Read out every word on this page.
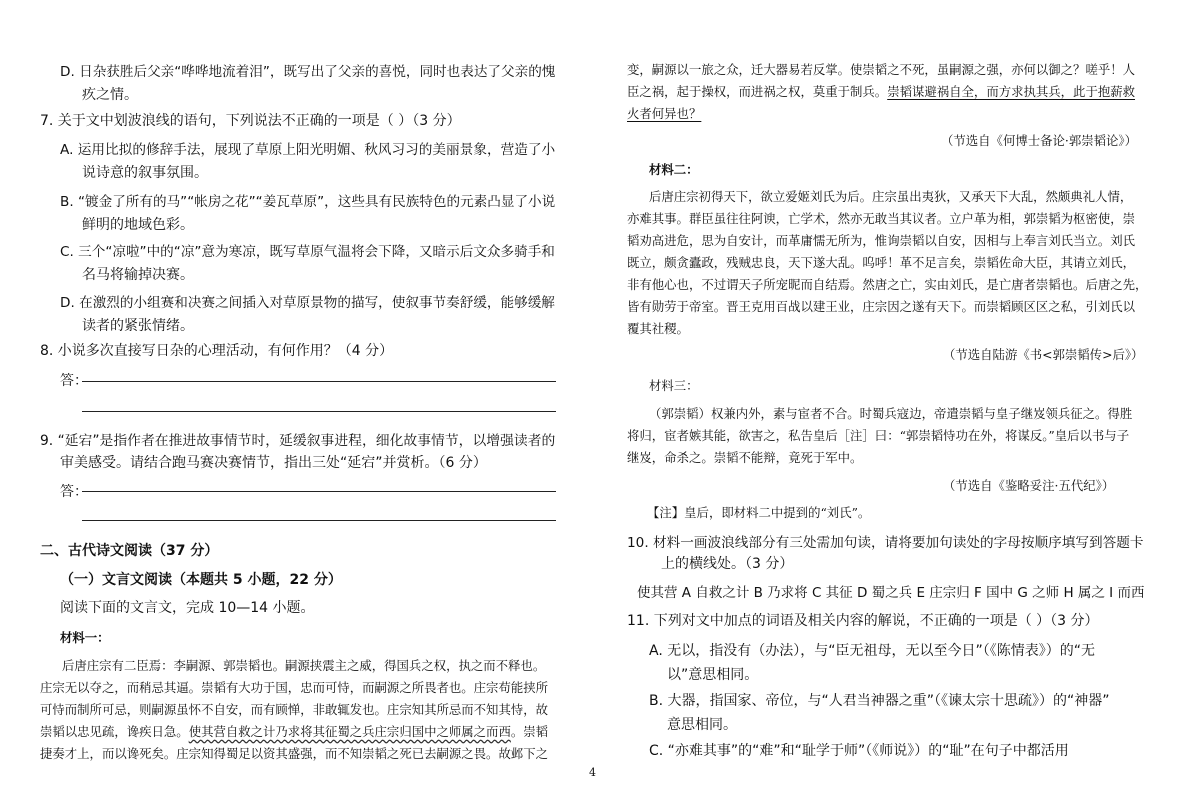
D. 日杂获胜后父亲“哗哗地流着泪”，既写出了父亲的喜悦，同时也表达了父亲的愧
疚之情。
7. 关于文中划波浪线的语句，下列说法不正确的一项是（ ）（3 分）
A. 运用比拟的修辞手法，展现了草原上阳光明媚、秋风习习的美丽景象，营造了小
说诗意的叙事氛围。
B. “镀金了所有的马”“帐房之花”“姜瓦草原”，这些具有民族特色的元素凸显了小说
鲜明的地域色彩。
C. 三个“凉啦”中的“凉”意为寒凉，既写草原气温将会下降，又暗示后文众多骑手和
名马将输掉决赛。
D. 在激烈的小组赛和决赛之间插入对草原景物的描写，使叙事节奏舒缓，能够缓解
读者的紧张情绪。
8. 小说多次直接写日杂的心理活动，有何作用？（4 分）
答：
9. “延宕”是指作者在推进故事情节时，延缓叙事进程，细化故事情节，以增强读者的
审美感受。请结合跑马赛决赛情节，指出三处“延宕”并赏析。（6 分）
答：
二、古代诗文阅读（37 分）
（一）文言文阅读（本题共 5 小题，22 分）
阅读下面的文言文，完成 10—14 小题。
材料一：
后唐庄宗有二臣焉：李嗣源、郭崇韬也。嗣源挟震主之威，得国兵之权，执之而不释也。
庄宗无以夺之，而稍忌其逼。崇韬有大功于国，忠而可恃，而嗣源之所畏者也。庄宗苟能挟所
可恃而制所可忌，则嗣源虽怀不自安，而有顾惮，非敢辄发也。庄宗知其所忌而不知其恃，故
崇韬以忠见疏，谗疾日急。使其营自救之计乃求将其征蜀之兵庄宗归国中之师属之而西。崇韬
捷奏才上，而以谗死矣。庄宗知得蜀足以资其盛强，而不知崇韬之死已去嗣源之畏。故邺下之
变，嗣源以一旅之众，迁大器易若反掌。使崇韬之不死，虽嗣源之强，亦何以御之？嗟乎！人
臣之祸，起于操权，而进祸之权，莫重于制兵。崇韬谋避祸自全，而方求执其兵，此于抱薪救
火者何异也？
（节选自《何博士备论·郭崇韬论》）
材料二：
后唐庄宗初得天下，欲立爱姬刘氏为后。庄宗虽出夷狄，又承天下大乱，然颇典礼人情，
亦难其事。群臣虽往往阿谀，亡学术，然亦无敢当其议者。立户革为相，郭崇韬为枢密使，崇
韬劝高进危，思为自安计，而革庸懦无所为，惟询崇韬以自安，因相与上奉言刘氏当立。刘氏
既立，颇贪蠹政，残贼忠良，天下遂大乱。呜呼！革不足言矣，崇韬佐命大臣，其请立刘氏，
非有他心也，不过谓天子所宠昵而自结焉。然唐之亡，实由刘氏，是亡唐者崇韬也。后唐之先，
皆有勋劳于帝室。晋王克用百战以建王业，庄宗因之遂有天下。而崇韬顾区区之私，引刘氏以
覆其社稷。
（节选自陆游《书<郭崇韬传>后》）
材料三：
（郭崇韬）权兼内外，素与宦者不合。时蜀兵寇边，帝遣崇韬与皇子继岌领兵征之。得胜
将归，宦者嫉其能，欲害之，私告皇后［注］曰：“郭崇韬恃功在外，将谋反。”皇后以书与子
继岌，命杀之。崇韬不能辩，竟死于军中。
（节选自《鉴略妥注·五代纪》）
【注】皇后，即材料二中提到的“刘氏”。
10. 材料一画波浪线部分有三处需加句读，请将要加句读处的字母按顺序填写到答题卡
上的横线处。（3 分）
使其营 A 自救之计 B 乃求将 C 其征 D 蜀之兵 E 庄宗归 F 国中 G 之师 H 属之 I 而西
11. 下列对文中加点的词语及相关内容的解说，不正确的一项是（ ）（3 分）
A. 无以，指没有（办法），与“臣无祖母，无以至今日”（《陈情表》）的“无
以”意思相同。
B. 大器，指国家、帝位，与“人君当神器之重”（《谏太宗十思疏》）的“神器”
意思相同。
C. “亦难其事”的“难”和“耻学于师”（《师说》）的“耻”在句子中都活用
4
